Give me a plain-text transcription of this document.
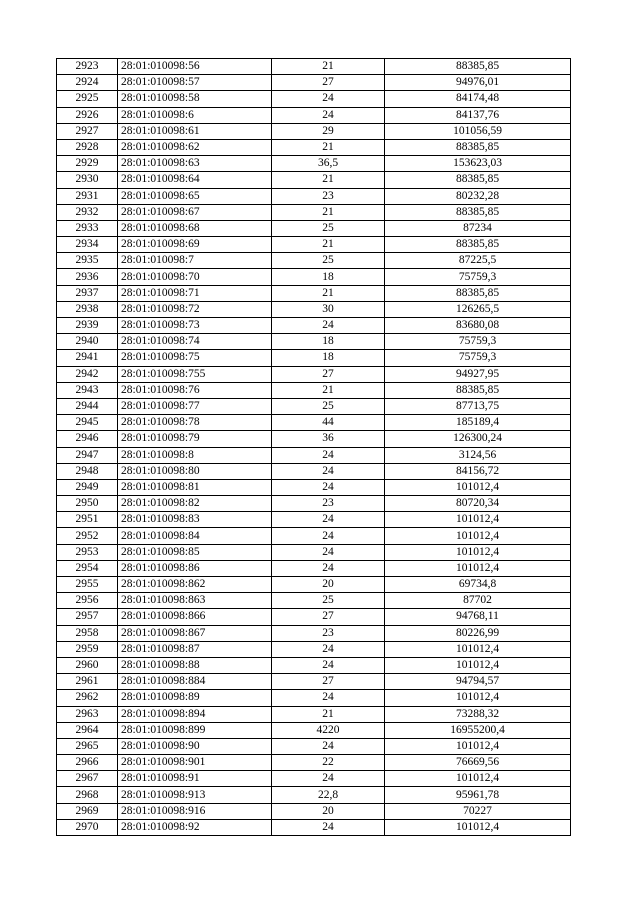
2923	28:01:010098:56	21	88385,85
2924	28:01:010098:57	27	94976,01
2925	28:01:010098:58	24	84174,48
2926	28:01:010098:6	24	84137,76
2927	28:01:010098:61	29	101056,59
2928	28:01:010098:62	21	88385,85
2929	28:01:010098:63	36,5	153623,03
2930	28:01:010098:64	21	88385,85
2931	28:01:010098:65	23	80232,28
2932	28:01:010098:67	21	88385,85
2933	28:01:010098:68	25	87234
2934	28:01:010098:69	21	88385,85
2935	28:01:010098:7	25	87225,5
2936	28:01:010098:70	18	75759,3
2937	28:01:010098:71	21	88385,85
2938	28:01:010098:72	30	126265,5
2939	28:01:010098:73	24	83680,08
2940	28:01:010098:74	18	75759,3
2941	28:01:010098:75	18	75759,3
2942	28:01:010098:755	27	94927,95
2943	28:01:010098:76	21	88385,85
2944	28:01:010098:77	25	87713,75
2945	28:01:010098:78	44	185189,4
2946	28:01:010098:79	36	126300,24
2947	28:01:010098:8	24	3124,56
2948	28:01:010098:80	24	84156,72
2949	28:01:010098:81	24	101012,4
2950	28:01:010098:82	23	80720,34
2951	28:01:010098:83	24	101012,4
2952	28:01:010098:84	24	101012,4
2953	28:01:010098:85	24	101012,4
2954	28:01:010098:86	24	101012,4
2955	28:01:010098:862	20	69734,8
2956	28:01:010098:863	25	87702
2957	28:01:010098:866	27	94768,11
2958	28:01:010098:867	23	80226,99
2959	28:01:010098:87	24	101012,4
2960	28:01:010098:88	24	101012,4
2961	28:01:010098:884	27	94794,57
2962	28:01:010098:89	24	101012,4
2963	28:01:010098:894	21	73288,32
2964	28:01:010098:899	4220	16955200,4
2965	28:01:010098:90	24	101012,4
2966	28:01:010098:901	22	76669,56
2967	28:01:010098:91	24	101012,4
2968	28:01:010098:913	22,8	95961,78
2969	28:01:010098:916	20	70227
2970	28:01:010098:92	24	101012,4
